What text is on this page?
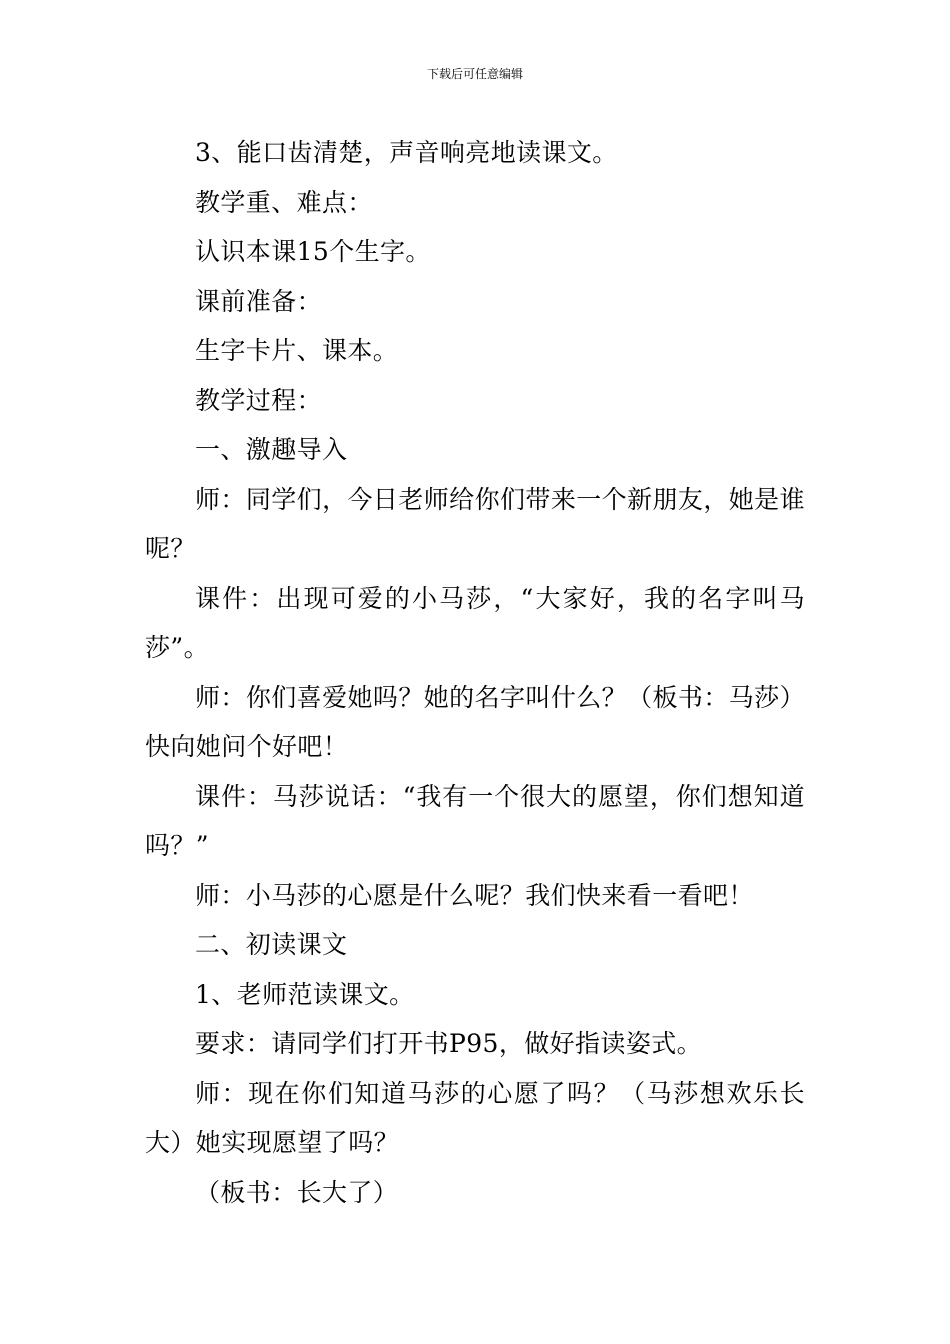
下载后可任意编辑

3、能口齿清楚，声音响亮地读课文。

教学重、难点：

认识本课15个生字。

课前准备：

生字卡片、课本。

教学过程：

一、激趣导入

师：同学们，今日老师给你们带来一个新朋友，她是谁呢？

课件：出现可爱的小马莎，“大家好，我的名字叫马莎”。

师：你们喜爱她吗？她的名字叫什么？（板书：马莎）快向她问个好吧！

课件：马莎说话：“我有一个很大的愿望，你们想知道吗？”

师：小马莎的心愿是什么呢？我们快来看一看吧！

二、初读课文

1、老师范读课文。

要求：请同学们打开书P95，做好指读姿式。

师：现在你们知道马莎的心愿了吗？（马莎想欢乐长大）她实现愿望了吗？

（板书：长大了）
